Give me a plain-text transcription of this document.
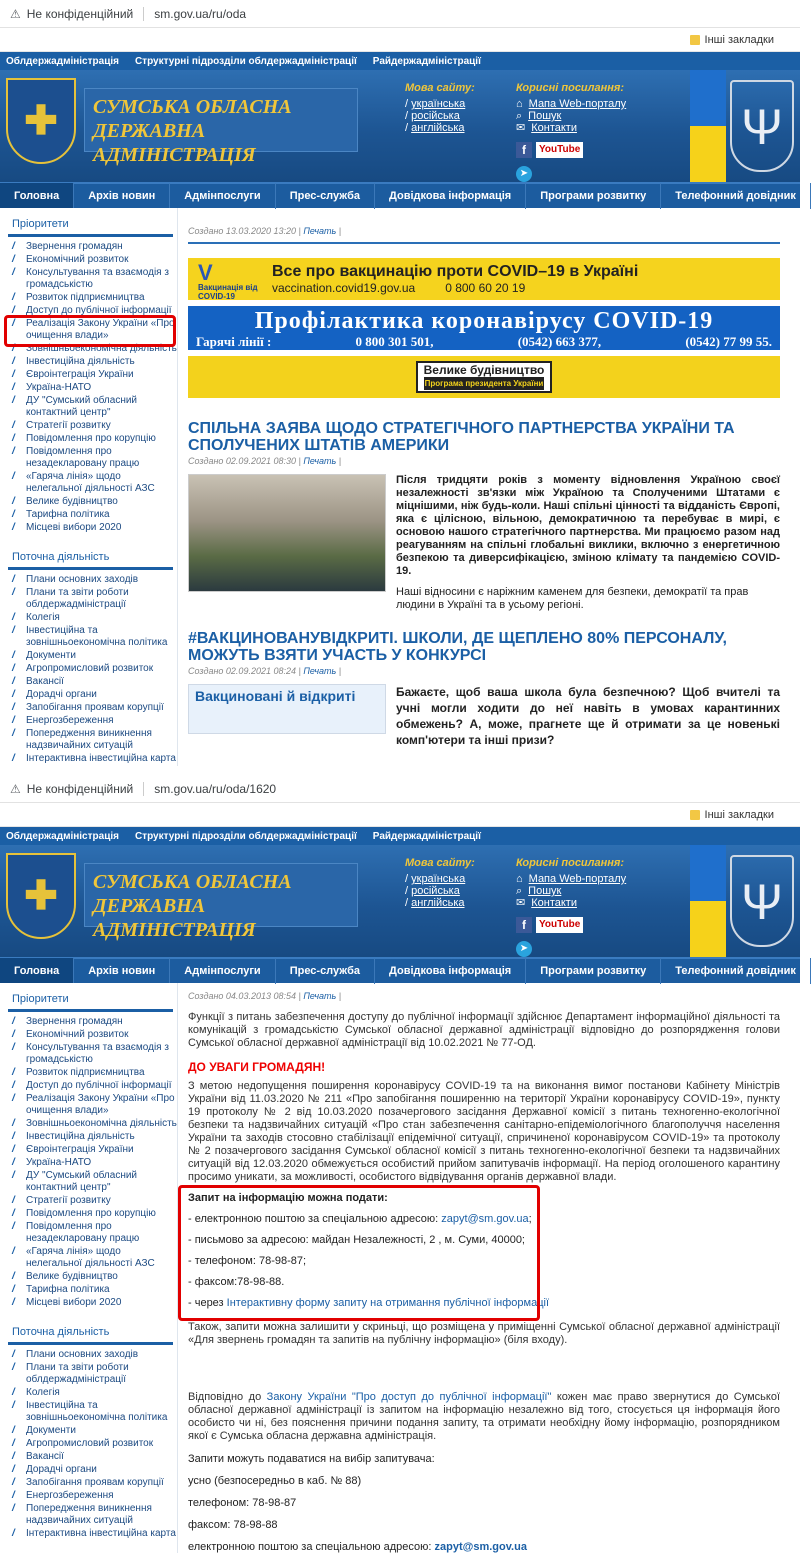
⚠ Не конфіденційний sm.gov.ua/ru/oda
Інші закладки
Облдержадміністрація Структурні підрозділи облдержадміністрації Райдержадміністрації
✚	СУМСЬКА ОБЛАСНА ДЕРЖАВНА АДМІНІСТРАЦІЯ
Мова сайту:
/ українська
/ російська
/ англійська
Корисні посилання:
⌂ Мапа Web-порталу
⌕ Пошук
✉ Контакти
f	YouTube
➤
Ψ
Головна	Архів новин	Адмінпослуги	Прес-служба	Довідкова інформація	Програми розвитку	Телефонний довідник
Пріоритети
/ Звернення громадян
/ Економічний розвиток
/ Консультування та взаємодія з громадськістю
/ Розвиток підприємництва
/ Доступ до публічної інформації
/ Реалізація Закону України «Про очищення влади»
/ Зовнішньоекономічна діяльність
/ Інвестиційна діяльність
/ Євроінтеграція України
/ Україна-НАТО
/ ДУ "Сумський обласний контактний центр"
/ Стратегії розвитку
/ Повідомлення про корупцію
/ Повідомлення про незадекларовану працю
/ «Гаряча лінія» щодо нелегальної діяльності АЗС
/ Велике будівництво
/ Тарифна політика
/ Місцеві вибори 2020
Поточна діяльність
/ Плани основних заходів
/ Плани та звіти роботи облдержадміністрації
/ Колегія
/ Інвестиційна та зовнішньоекономічна політика
/ Документи
/ Агропромисловий розвиток
/ Вакансії
/ Дорадчі органи
/ Запобігання проявам корупції
/ Енергозбереження
/ Попередження виникнення надзвичайних ситуацій
/ Інтерактивна інвестиційна карта
Создано 13.03.2020 13:20 | Печать |
V
Вакцинація від COVID-19
Все про вакцинацію проти COVID–19 в Україні
vaccination.covid19.gov.ua	0 800 60 20 19
Профілактика коронавірусу COVID-19
Гарячі лінії :	0 800 301 501,	(0542) 663 377,	(0542) 77 99 55.
Велике будівництво
Програма президента України
СПІЛЬНА ЗАЯВА ЩОДО СТРАТЕГІЧНОГО ПАРТНЕРСТВА УКРАЇНИ ТА СПОЛУЧЕНИХ ШТАТІВ АМЕРИКИ
Создано 02.09.2021 08:30 | Печать |
Після тридцяти років з моменту відновлення Україною своєї незалежності зв'язки між Україною та Сполученими Штатами є міцнішими, ніж будь-коли. Наші спільні цінності та відданість Європі, яка є цілісною, вільною, демократичною та перебуває в мирі, є основою нашого стратегічного партнерства. Ми працюємо разом над реагуванням на спільні глобальні виклики, включно з енергетичною безпекою та диверсифікацією, зміною клімату та пандемією COVID-19.
Наші відносини є наріжним каменем для безпеки, демократії та прав людини в Україні та в усьому регіоні.
#ВАКЦИНОВАНУВІДКРИТІ. ШКОЛИ, ДЕ ЩЕПЛЕНО 80% ПЕРСОНАЛУ, МОЖУТЬ ВЗЯТИ УЧАСТЬ У КОНКУРСІ
Создано 02.09.2021 08:24 | Печать |
Вакциновані й відкриті	Бажаєте, щоб ваша школа була безпечною? Щоб вчителі та учні могли ходити до неї навіть в умовах карантинних обмежень? А, може, прагнете ще й отримати за це новенькі комп'ютери та інші призи?
⚠ Не конфіденційний sm.gov.ua/ru/oda/1620
Інші закладки
Облдержадміністрація Структурні підрозділи облдержадміністрації Райдержадміністрації
✚	СУМСЬКА ОБЛАСНА ДЕРЖАВНА АДМІНІСТРАЦІЯ
Мова сайту:
/ українська
/ російська
/ англійська
Корисні посилання:
⌂ Мапа Web-порталу
⌕ Пошук
✉ Контакти
f	YouTube
➤
Ψ
Головна	Архів новин	Адмінпослуги	Прес-служба	Довідкова інформація	Програми розвитку	Телефонний довідник
Пріоритети
/ Звернення громадян
/ Економічний розвиток
/ Консультування та взаємодія з громадськістю
/ Розвиток підприємництва
/ Доступ до публічної інформації
/ Реалізація Закону України «Про очищення влади»
/ Зовнішньоекономічна діяльність
/ Інвестиційна діяльність
/ Євроінтеграція України
/ Україна-НАТО
/ ДУ "Сумський обласний контактний центр"
/ Стратегії розвитку
/ Повідомлення про корупцію
/ Повідомлення про незадекларовану працю
/ «Гаряча лінія» щодо нелегальної діяльності АЗС
/ Велике будівництво
/ Тарифна політика
/ Місцеві вибори 2020
Поточна діяльність
/ Плани основних заходів
/ Плани та звіти роботи облдержадміністрації
/ Колегія
/ Інвестиційна та зовнішньоекономічна політика
/ Документи
/ Агропромисловий розвиток
/ Вакансії
/ Дорадчі органи
/ Запобігання проявам корупції
/ Енергозбереження
/ Попередження виникнення надзвичайних ситуацій
/ Інтерактивна інвестиційна карта
Создано 04.03.2013 08:54 | Печать |

Функції з питань забезпечення доступу до публічної інформації здійснює Департамент інформаційної діяльності та комунікацій з громадськістю Сумської обласної державної адміністрації відповідно до розпорядження голови Сумської обласної державної адміністрації від 10.02.2021 № 77-ОД.

ДО УВАГИ ГРОМАДЯН!

З метою недопущення поширення коронавірусу COVID-19 та на виконання вимог постанови Кабінету Міністрів України від 11.03.2020 № 211 «Про запобігання поширенню на території України коронавірусу COVID-19», пункту 19 протоколу № 2 від 10.03.2020 позачергового засідання Державної комісії з питань техногенно-екологічної безпеки та надзвичайних ситуацій «Про стан забезпечення санітарно-епідеміологічного благополуччя населення України та заходів стосовно стабілізації епідемічної ситуації, спричиненої коронавірусом COVID-19» та протоколу № 2 позачергового засідання Сумської обласної комісії з питань техногенно-екологічної безпеки та надзвичайних ситуацій від 12.03.2020 обмежується особистий прийом запитувачів інформації. На період оголошеного карантину просимо уникати, за можливості, особистого відвідування органів державної влади.

Запит на інформацію можна подати:
- електронною поштою за спеціальною адресою: zapyt@sm.gov.ua;
- письмово за адресою: майдан Незалежності, 2 , м. Суми, 40000;
- телефоном: 78-98-87;
- факсом:78-98-88.
- через Інтерактивну форму запиту на отримання публічної інформації

Також, запити можна залишити у скриньці, що розміщена у приміщенні Сумської обласної державної адміністрації «Для звернень громадян та запитів на публічну інформацію» (біля входу).

Відповідно до Закону України "Про доступ до публічної інформації" кожен має право звернутися до Сумської обласної державної адміністрації із запитом на інформацію незалежно від того, стосується ця інформація його особисто чи ні, без пояснення причини подання запиту, та отримати необхідну йому інформацію, розпорядником якої є Сумська обласна державна адміністрація.

Запити можуть подаватися на вибір запитувача:
усно (безпосередньо в каб. № 88)
телефоном: 78-98-87
факсом: 78-98-88
електронною поштою за спеціальною адресою: zapyt@sm.gov.ua
